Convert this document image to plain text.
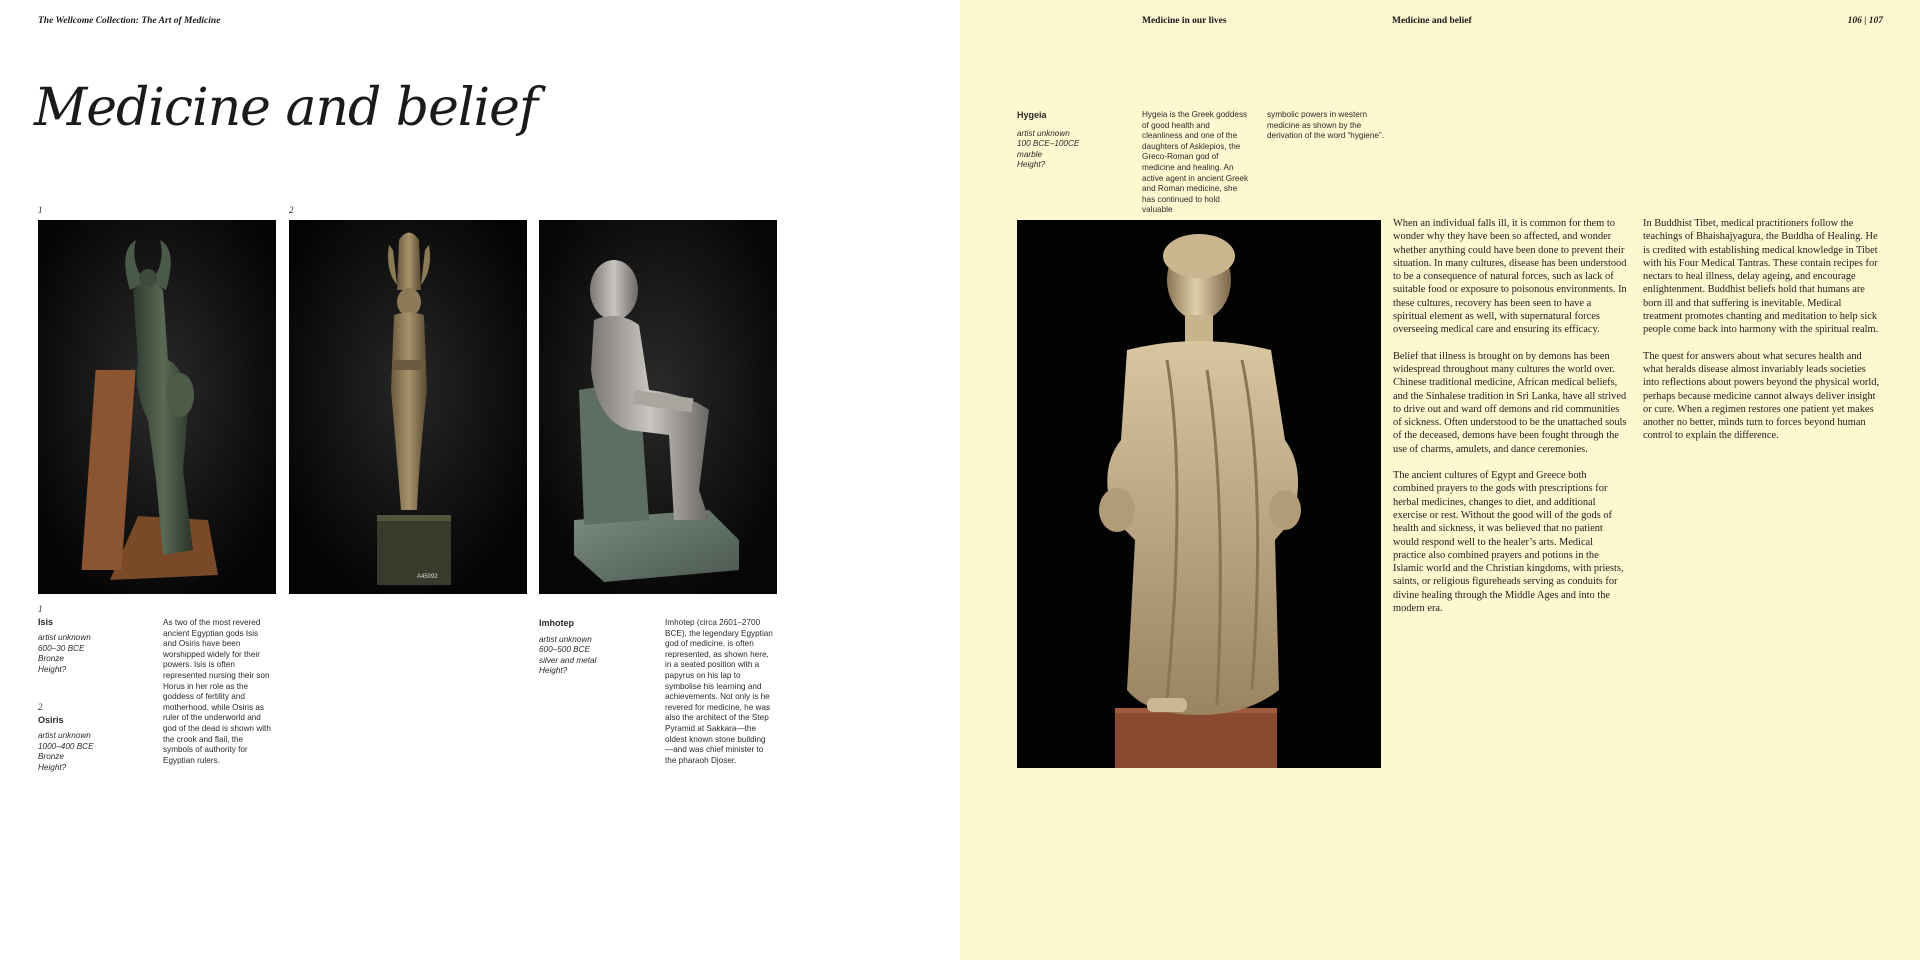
The Wellcome Collection: The Art of Medicine
Medicine and belief
1	2
A45092
1
Isis
artist unknown
600–30 BCE
Bronze
Height?
2
Osiris
artist unknown
1000–400 BCE
Bronze
Height?
As two of the most revered ancient Egyptian gods Isis and Osiris have been worshipped widely for their powers. Isis is often represented nursing their son Horus in her role as the goddess of fertility and motherhood, while Osiris as ruler of the underworld and god of the dead is shown with the crook and flail, the symbols of authority for Egyptian rulers.
Imhotep
artist unknown
600–500 BCE
silver and metal
Height?
Imhotep (circa 2601–2700 BCE), the legendary Egyptian god of medicine, is often represented, as shown here, in a seated position with a papyrus on his lap to symbolise his learning and achievements. Not only is he revered for medicine, he was also the architect of the Step Pyramid at Sakkara—the oldest known stone building—and was chief minister to the pharaoh Djoser.
Medicine in our lives	Medicine and belief	106 | 107
Hygeia
artist unknown
100 BCE–100CE
marble
Height?
Hygeia is the Greek goddess of good health and cleanliness and one of the daughters of Asklepios, the Greco-Roman god of medicine and healing. An active agent in ancient Greek and Roman medicine, she has continued to hold valuable
symbolic powers in western medicine as shown by the derivation of the word “hygiene”.

When an individual falls ill, it is common for them to wonder why they have been so affected, and wonder whether anything could have been done to prevent their situation. In many cultures, disease has been understood to be a consequence of natural forces, such as lack of suitable food or exposure to poisonous environments. In these cultures, recovery has been seen to have a spiritual element as well, with supernatural forces overseeing medical care and ensuring its efficacy.

Belief that illness is brought on by demons has been widespread throughout many cultures the world over. Chinese traditional medicine, African medical beliefs, and the Sinhalese tradition in Sri Lanka, have all strived to drive out and ward off demons and rid communities of sickness. Often understood to be the unattached souls of the deceased, demons have been fought through the use of charms, amulets, and dance ceremonies.

The ancient cultures of Egypt and Greece both combined prayers to the gods with prescriptions for herbal medicines, changes to diet, and additional exercise or rest. Without the good will of the gods of health and sickness, it was believed that no patient would respond well to the healer’s arts. Medical practice also combined prayers and potions in the Islamic world and the Christian kingdoms, with priests, saints, or religious figureheads serving as conduits for divine healing through the Middle Ages and into the modern era.

In Buddhist Tibet, medical practitioners follow the teachings of Bhaishajyagura, the Buddha of Healing. He is credited with establishing medical knowledge in Tibet with his Four Medical Tantras. These contain recipes for nectars to heal illness, delay ageing, and encourage enlightenment. Buddhist beliefs hold that humans are born ill and that suffering is inevitable. Medical treatment promotes chanting and meditation to help sick people come back into harmony with the spiritual realm.

The quest for answers about what secures health and what heralds disease almost invariably leads societies into reflections about powers beyond the physical world, perhaps because medicine cannot always deliver insight or cure. When a regimen restores one patient yet makes another no better, minds turn to forces beyond human control to explain the difference.
